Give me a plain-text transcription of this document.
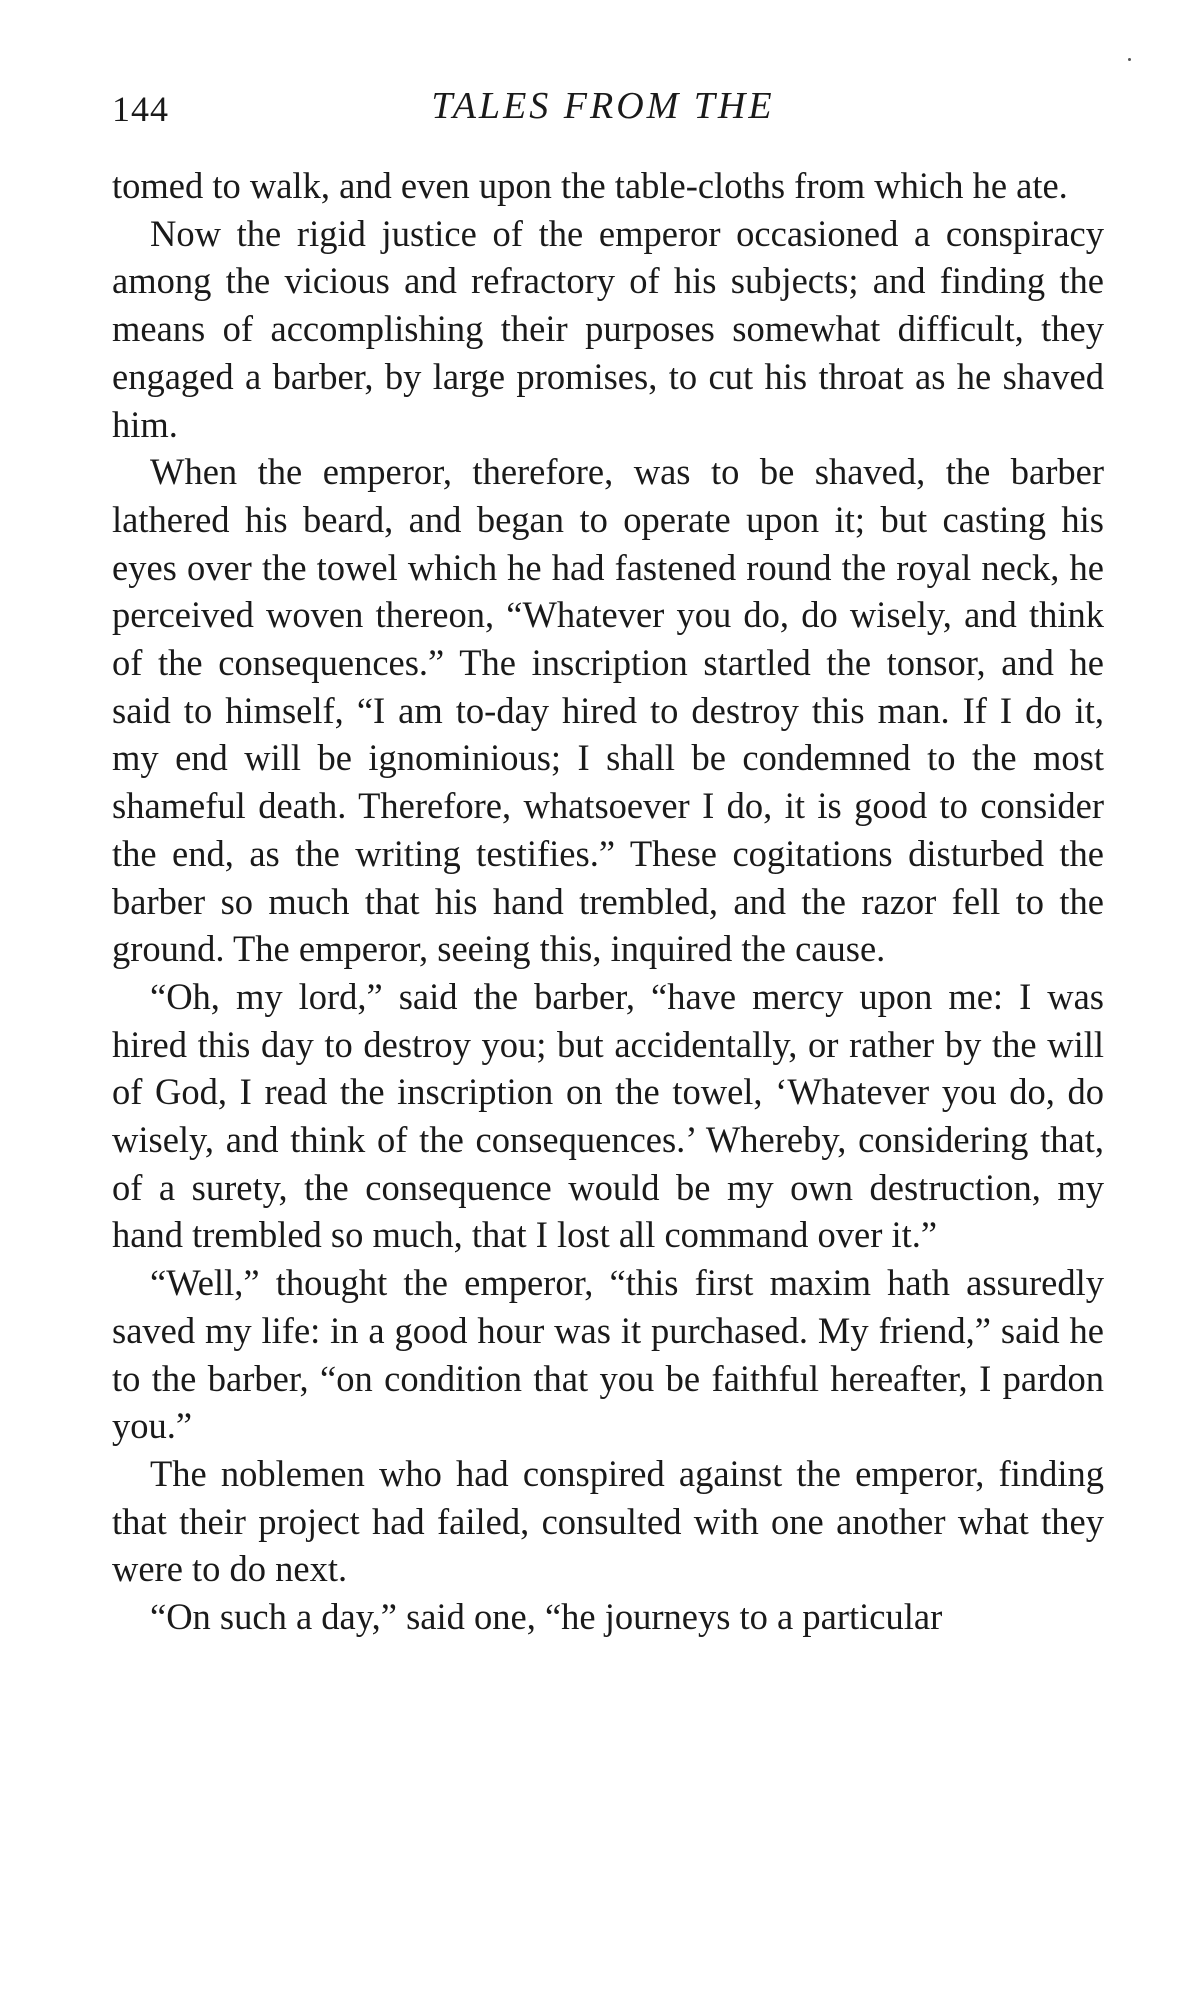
144	TALES FROM THE

tomed to walk, and even upon the table-cloths from which he ate.

Now the rigid justice of the emperor occasioned a conspiracy among the vicious and refractory of his subjects; and finding the means of accomplishing their purposes somewhat difficult, they engaged a barber, by large promises, to cut his throat as he shaved him.

When the emperor, therefore, was to be shaved, the barber lathered his beard, and began to operate upon it; but casting his eyes over the towel which he had fastened round the royal neck, he perceived woven thereon, “Whatever you do, do wisely, and think of the consequences.” The inscription startled the tonsor, and he said to himself, “I am to-day hired to destroy this man. If I do it, my end will be ignominious; I shall be condemned to the most shameful death. Therefore, whatsoever I do, it is good to consider the end, as the writing testifies.” These cogitations disturbed the barber so much that his hand trembled, and the razor fell to the ground. The emperor, seeing this, inquired the cause.

“Oh, my lord,” said the barber, “have mercy upon me: I was hired this day to destroy you; but accidentally, or rather by the will of God, I read the inscription on the towel, ‘Whatever you do, do wisely, and think of the consequences.’ Whereby, considering that, of a surety, the consequence would be my own destruction, my hand trembled so much, that I lost all command over it.”

“Well,” thought the emperor, “this first maxim hath assuredly saved my life: in a good hour was it purchased. My friend,” said he to the barber, “on condition that you be faithful hereafter, I pardon you.”

The noblemen who had conspired against the emperor, finding that their project had failed, consulted with one another what they were to do next.

“On such a day,” said one, “he journeys to a particular
